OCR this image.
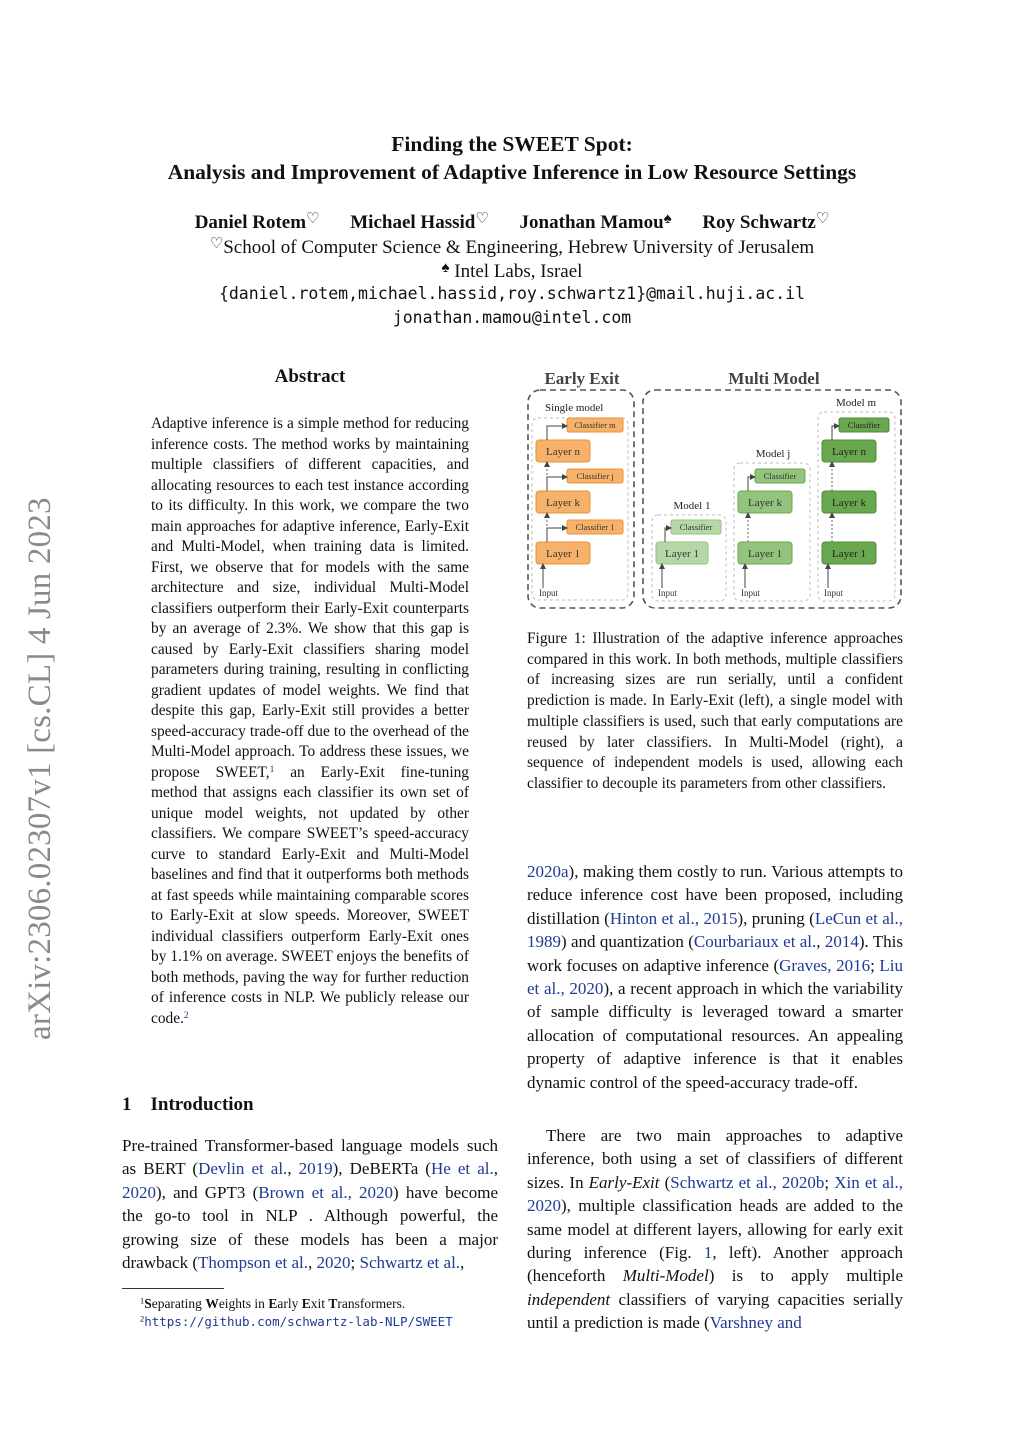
Finding the SWEET Spot:
Analysis and Improvement of Adaptive Inference in Low Resource Settings
Daniel Rotem♡ Michael Hassid♡ Jonathan Mamou♠ Roy Schwartz♡
♡School of Computer Science & Engineering, Hebrew University of Jerusalem
♠ Intel Labs, Israel
{daniel.rotem,michael.hassid,roy.schwartz1}@mail.huji.ac.il
jonathan.mamou@intel.com
arXiv:2306.02307v1 [cs.CL] 4 Jun 2023
Abstract
Adaptive inference is a simple method for reducing inference costs. The method works by maintaining multiple classifiers of different capacities, and allocating resources to each test instance according to its difficulty. In this work, we compare the two main approaches for adaptive inference, Early-Exit and Multi-Model, when training data is limited. First, we observe that for models with the same architecture and size, individual Multi-Model classifiers outperform their Early-Exit counterparts by an average of 2.3%. We show that this gap is caused by Early-Exit classifiers sharing model parameters during training, resulting in conflicting gradient updates of model weights. We find that despite this gap, Early-Exit still provides a better speed-accuracy trade-off due to the overhead of the Multi-Model approach. To address these issues, we propose SWEET,$^1$ an Early-Exit fine-tuning method that assigns each classifier its own set of unique model weights, not updated by other classifiers. We compare SWEET’s speed-accuracy curve to standard Early-Exit and Multi-Model baselines and find that it outperforms both methods at fast speeds while maintaining comparable scores to Early-Exit at slow speeds. Moreover, SWEET individual classifiers outperform Early-Exit ones by 1.1% on average. SWEET enjoys the benefits of both methods, paving the way for further reduction of inference costs in NLP. We publicly release our code.$^2$
1    Introduction
Pre-trained Transformer-based language models such as BERT (Devlin et al., 2019), DeBERTa (He et al., 2020), and GPT3 (Brown et al., 2020) have become the go-to tool in NLP . Although powerful, the growing size of these models has been a major drawback (Thompson et al., 2020; Schwartz et al.,
$^1$Separating Weights in Early Exit Transformers.
$^2$https://github.com/schwartz-lab-NLP/SWEET
Early Exit	Multi Model
Single model
Classifier m
Layer n
Classifier j
Layer k
Classifier 1
Layer 1
Input
Model 1
Classifier
Layer 1
Input
Model j
Classifier
Layer k
Layer 1
Input
Model m
Classifier
Layer n
Layer k
Layer 1
Input
Figure 1: Illustration of the adaptive inference approaches compared in this work. In both methods, multiple classifiers of increasing sizes are run serially, until a confident prediction is made. In Early-Exit (left), a single model with multiple classifiers is used, such that early computations are reused by later classifiers. In Multi-Model (right), a sequence of independent models is used, allowing each classifier to decouple its parameters from other classifiers.
2020a), making them costly to run. Various attempts to reduce inference cost have been proposed, including distillation (Hinton et al., 2015), pruning (LeCun et al., 1989) and quantization (Courbariaux et al., 2014). This work focuses on adaptive inference (Graves, 2016; Liu et al., 2020), a recent approach in which the variability of sample difficulty is leveraged toward a smarter allocation of computational resources. An appealing property of adaptive inference is that it enables dynamic control of the speed-accuracy trade-off.
There are two main approaches to adaptive inference, both using a set of classifiers of different sizes. In Early-Exit (Schwartz et al., 2020b; Xin et al., 2020), multiple classification heads are added to the same model at different layers, allowing for early exit during inference (Fig. 1, left). Another approach (henceforth Multi-Model) is to apply multiple independent classifiers of varying capacities serially until a prediction is made (Varshney and
